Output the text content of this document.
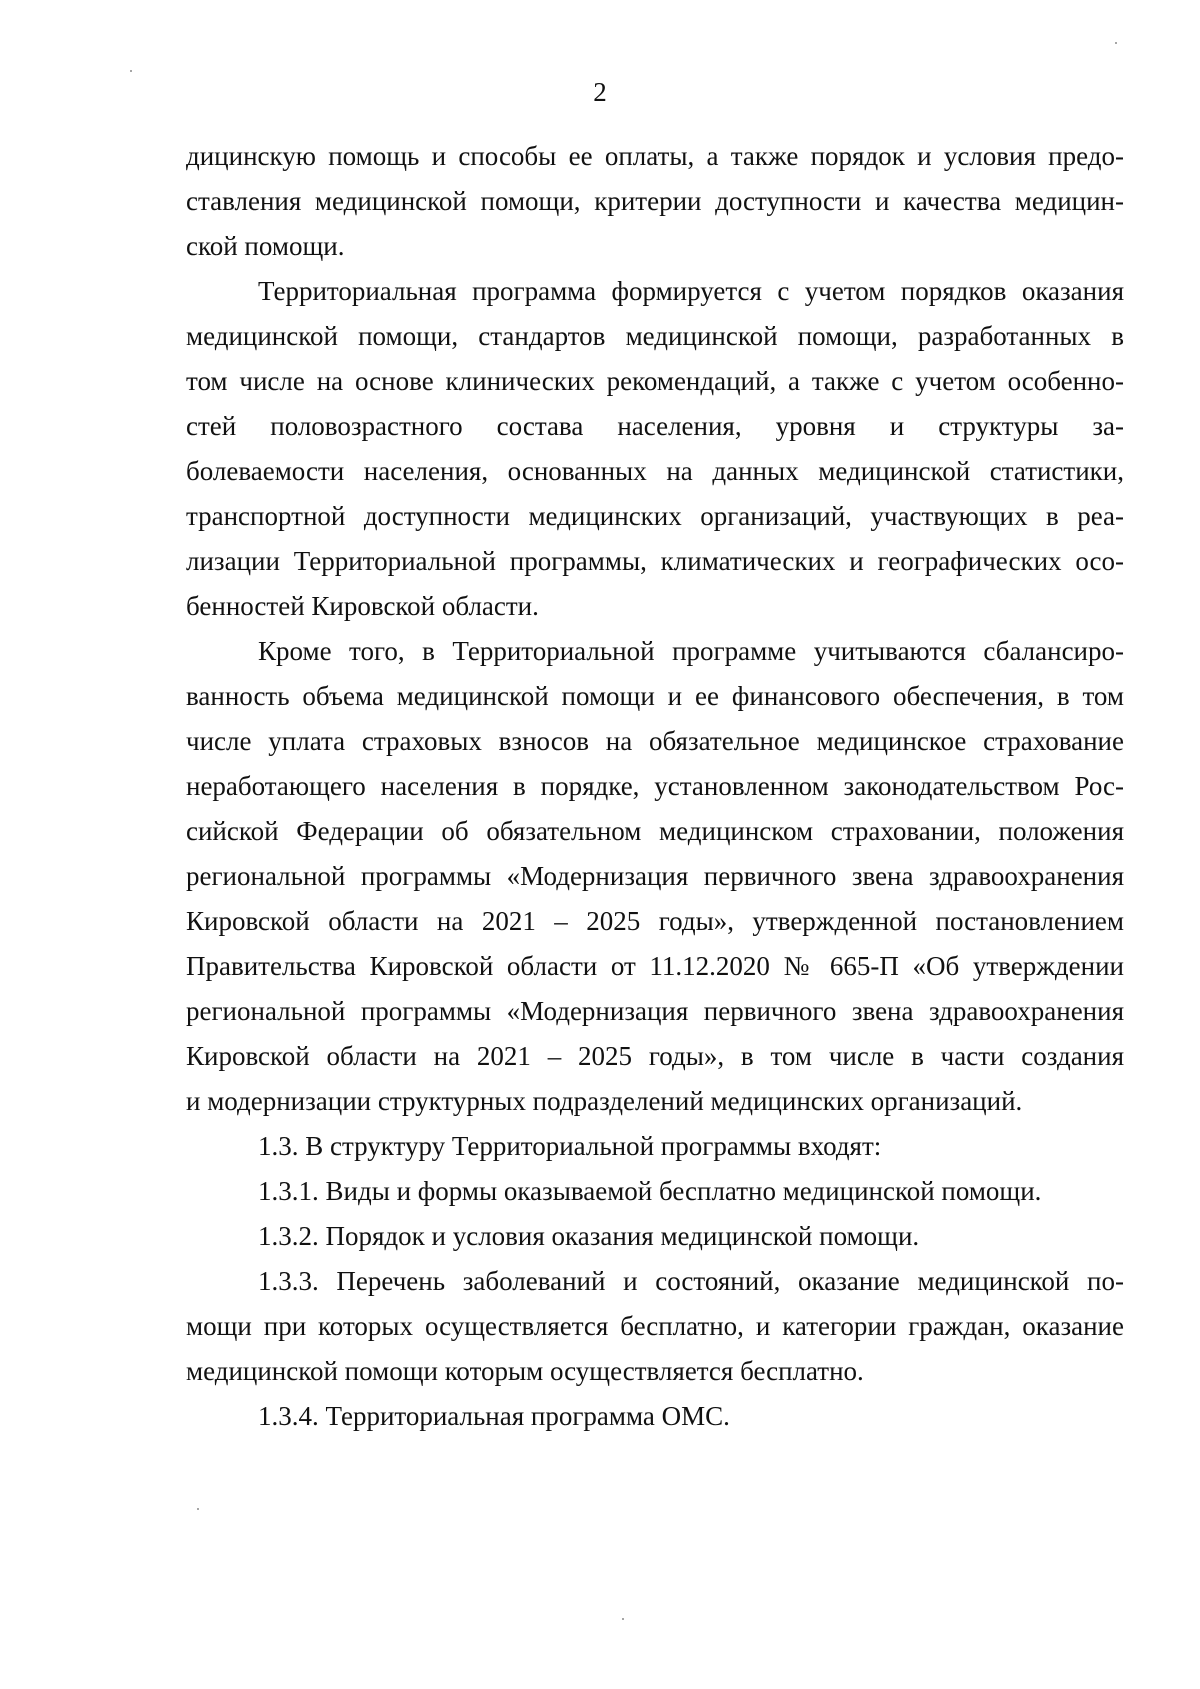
2
дицинскую помощь и способы ее оплаты, а также порядок и условия предо-
ставления медицинской помощи, критерии доступности и качества медицин-
ской помощи.
Территориальная программа формируется с учетом порядков оказания
медицинской помощи, стандартов медицинской помощи, разработанных в
том числе на основе клинических рекомендаций, а также с учетом особенно-
стей половозрастного состава населения, уровня и структуры за-
болеваемости населения, основанных на данных медицинской статистики,
транспортной доступности медицинских организаций, участвующих в реа-
лизации Территориальной программы, климатических и географических осо-
бенностей Кировской области.
Кроме того, в Территориальной программе учитываются сбалансиро-
ванность объема медицинской помощи и ее финансового обеспечения, в том
числе уплата страховых взносов на обязательное медицинское страхование
неработающего населения в порядке, установленном законодательством Рос-
сийской Федерации об обязательном медицинском страховании, положения
региональной программы «Модернизация первичного звена здравоохранения
Кировской области на 2021 – 2025 годы», утвержденной постановлением
Правительства Кировской области от 11.12.2020 № 665-П «Об утверждении
региональной программы «Модернизация первичного звена здравоохранения
Кировской области на 2021 – 2025 годы», в том числе в части создания
и модернизации структурных подразделений медицинских организаций.
1.3. В структуру Территориальной программы входят:
1.3.1. Виды и формы оказываемой бесплатно медицинской помощи.
1.3.2. Порядок и условия оказания медицинской помощи.
1.3.3. Перечень заболеваний и состояний, оказание медицинской по-
мощи при которых осуществляется бесплатно, и категории граждан, оказание
медицинской помощи которым осуществляется бесплатно.
1.3.4. Территориальная программа ОМС.
